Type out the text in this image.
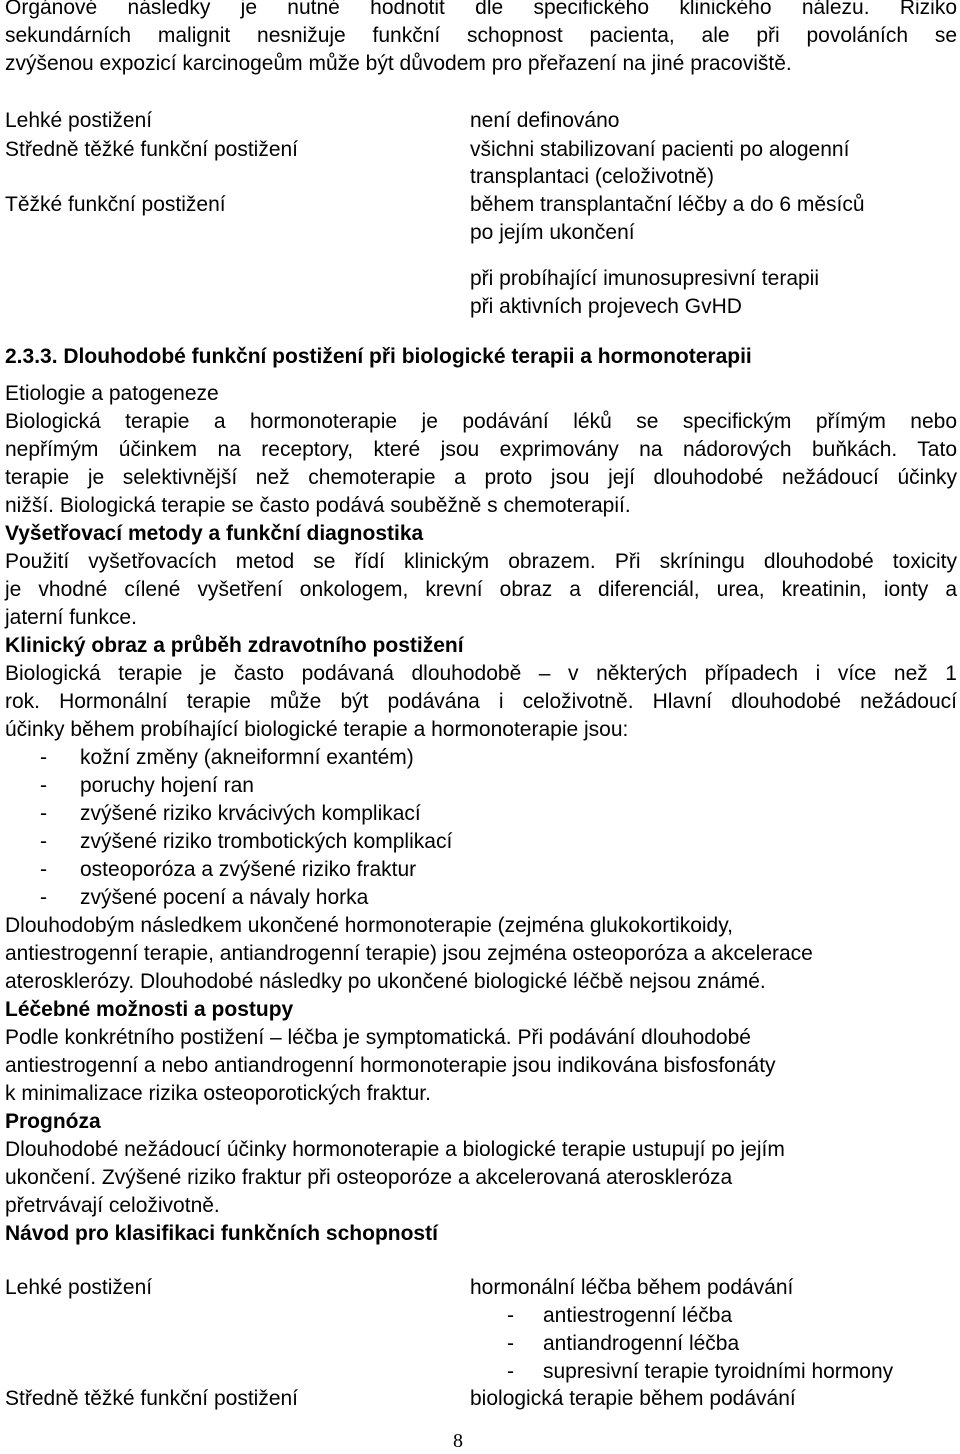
Orgánové následky je nutné hodnotit dle specifického klinického nálezu. Riziko
sekundárních malignit nesnižuje funkční schopnost pacienta, ale při povoláních se
zvýšenou expozicí karcinogeům může být důvodem pro přeřazení na jiné pracoviště.
Lehké postižení
Středně těžké funkční postižení
Těžké funkční postižení
není definováno
všichni stabilizovaní pacienti po alogenní
transplantaci (celoživotně)
během transplantační léčby a do 6 měsíců
po jejím ukončení
při probíhající imunosupresivní terapii
při aktivních projevech GvHD
2.3.3. Dlouhodobé funkční postižení při biologické terapii a hormonoterapii
Etiologie a patogeneze
Biologická terapie a hormonoterapie je podávání léků se specifickým přímým nebo
nepřímým účinkem na receptory, které jsou exprimovány na nádorových buňkách. Tato
terapie je selektivnější než chemoterapie a proto jsou její dlouhodobé nežádoucí účinky
nižší. Biologická terapie se často podává souběžně s chemoterapií.
Vyšetřovací metody a funkční diagnostika
Použití vyšetřovacích metod se řídí klinickým obrazem. Při skríningu dlouhodobé toxicity
je vhodné cílené vyšetření onkologem, krevní obraz a diferenciál, urea, kreatinin, ionty a
jaterní funkce.
Klinický obraz a průběh zdravotního postižení
Biologická terapie je často podávaná dlouhodobě – v některých případech i více než 1
rok. Hormonální terapie může být podávána i celoživotně. Hlavní dlouhodobé nežádoucí
účinky během probíhající biologické terapie a hormonoterapie jsou:
- kožní změny (akneiformní exantém)
- poruchy hojení ran
- zvýšené riziko krvácivých komplikací
- zvýšené riziko trombotických komplikací
- osteoporóza a zvýšené riziko fraktur
- zvýšené pocení a návaly horka
Dlouhodobým následkem ukončené hormonoterapie (zejména glukokortikoidy,
antiestrogenní terapie, antiandrogenní terapie) jsou zejména osteoporóza a akcelerace
aterosklerózy. Dlouhodobé následky po ukončené biologické léčbě nejsou známé.
Léčebné možnosti a postupy
Podle konkrétního postižení – léčba je symptomatická. Při podávání dlouhodobé
antiestrogenní a nebo antiandrogenní hormonoterapie jsou indikována bisfosfonáty
k minimalizace rizika osteoporotických fraktur.
Prognóza
Dlouhodobé nežádoucí účinky hormonoterapie a biologické terapie ustupují po jejím
ukončení. Zvýšené riziko fraktur při osteoporóze a akcelerovaná ateroskleróza
přetrvávají celoživotně.
Návod pro klasifikaci funkčních schopností
Lehké postižení
Středně těžké funkční postižení
hormonální léčba během podávání
- antiestrogenní léčba
- antiandrogenní léčba
- supresivní terapie tyroidními hormony
biologická terapie během podávání
8
